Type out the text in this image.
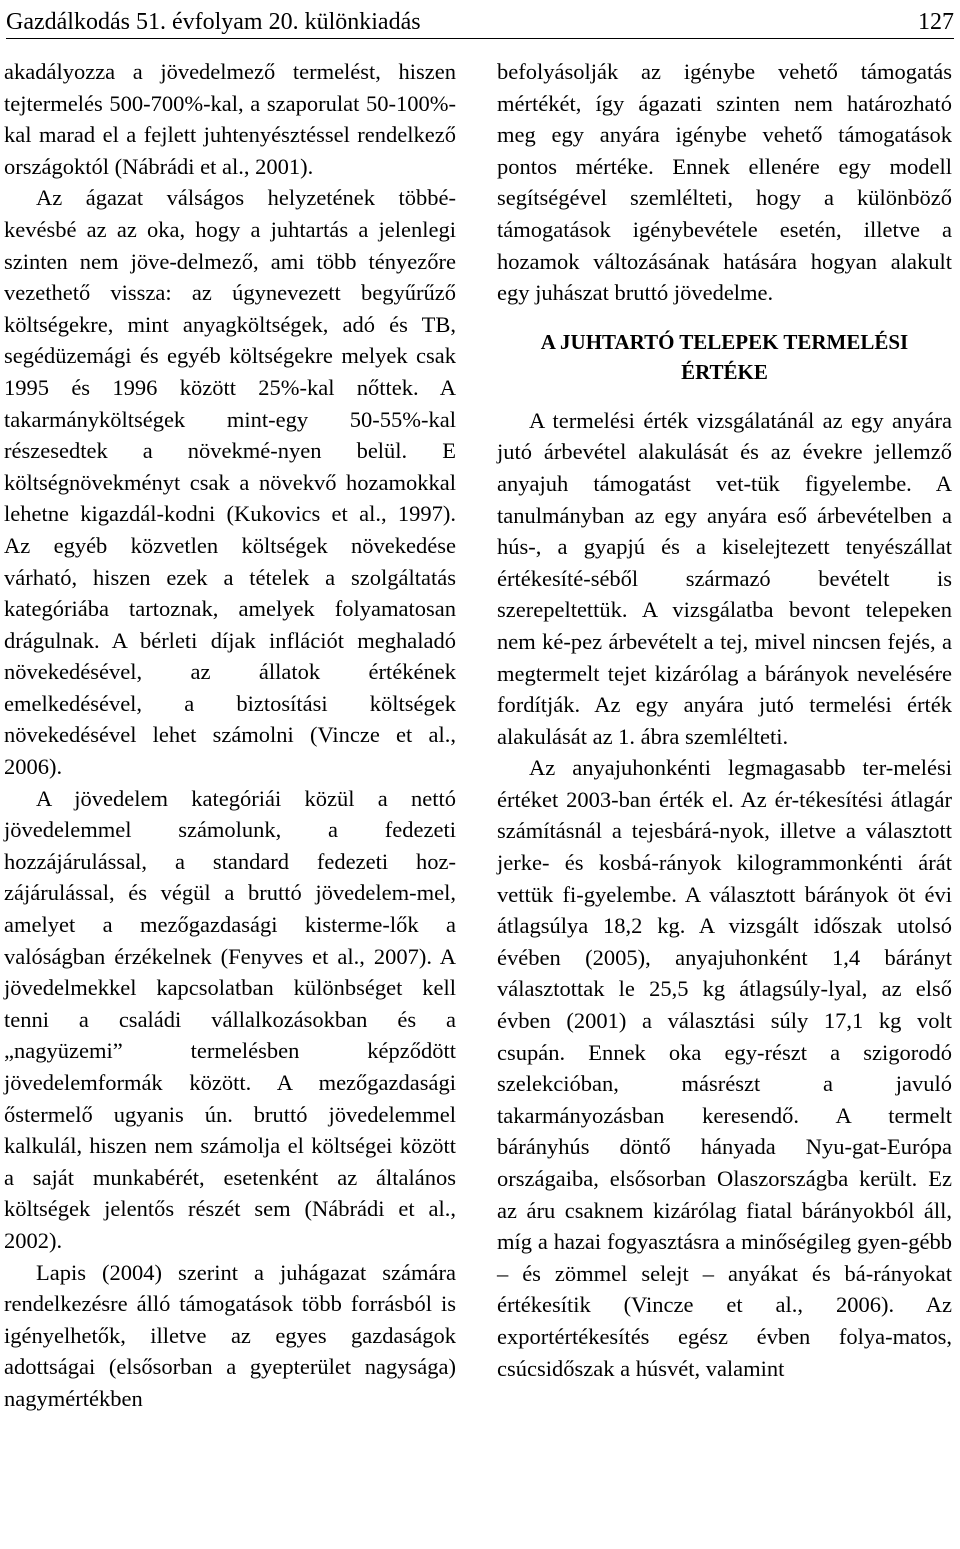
Gazdálkodás 51. évfolyam 20. különkiadás	127

akadályozza a jövedelmező termelést, hiszen tejtermelés 500-700%-kal, a szaporulat 50-100%-kal marad el a fejlett juhtenyésztéssel rendelkező országoktól (Nábrádi et al., 2001).

Az ágazat válságos helyzetének többé-kevésbé az az oka, hogy a juhtartás a jelenlegi szinten nem jöve-delmező, ami több tényezőre vezethető vissza: az úgynevezett begyűrűző költségekre, mint anyagköltségek, adó és TB, segédüzemági és egyéb költségekre melyek csak 1995 és 1996 között 25%-kal nőttek. A takarmányköltségek mint-egy 50-55%-kal részesedtek a növekmé-nyen belül. E költségnövekményt csak a növekvő hozamokkal lehetne kigazdál-kodni (Kukovics et al., 1997). Az egyéb közvetlen költségek növekedése várható, hiszen ezek a tételek a szolgáltatás kategóriába tartoznak, amelyek folyamatosan drágulnak. A bérleti díjak inflációt meghaladó növekedésével, az állatok értékének emelkedésével, a biztosítási költségek növekedésével lehet számolni (Vincze et al., 2006).

A jövedelem kategóriái közül a nettó jövedelemmel számolunk, a fedezeti hozzájárulással, a standard fedezeti hoz-zájárulással, és végül a bruttó jövedelem-mel, amelyet a mezőgazdasági kisterme-lők a valóságban érzékelnek (Fenyves et al., 2007). A jövedelmekkel kapcsolatban különbséget kell tenni a családi vállalkozásokban és a „nagyüzemi” termelésben képződött jövedelemformák között. A mezőgazdasági őstermelő ugyanis ún. bruttó jövedelemmel kalkulál, hiszen nem számolja el költségei között a saját munkabérét, esetenként az általános költségek jelentős részét sem (Nábrádi et al., 2002).

Lapis (2004) szerint a juhágazat számára rendelkezésre álló támogatások több forrásból is igényelhetők, illetve az egyes gazdaságok adottságai (elsősorban a gyepterület nagysága) nagymértékben

befolyásolják az igénybe vehető támogatás mértékét, így ágazati szinten nem határozható meg egy anyára igénybe vehető támogatások pontos mértéke. Ennek ellenére egy modell segítségével szemlélteti, hogy a különböző támogatások igénybevétele esetén, illetve a hozamok változásának hatására hogyan alakult egy juhászat bruttó jövedelme.

A JUHTARTÓ TELEPEK TERMELÉSI ÉRTÉKE

A termelési érték vizsgálatánál az egy anyára jutó árbevétel alakulását és az évekre jellemző anyajuh támogatást vet-tük figyelembe. A tanulmányban az egy anyára eső árbevételben a hús-, a gyapjú és a kiselejtezett tenyészállat értékesíté-séből származó bevételt is szerepeltettük. A vizsgálatba bevont telepeken nem ké-pez árbevételt a tej, mivel nincsen fejés, a megtermelt tejet kizárólag a bárányok nevelésére fordítják. Az egy anyára jutó termelési érték alakulását az 1. ábra szemlélteti.

Az anyajuhonkénti legmagasabb ter-melési értéket 2003-ban érték el. Az ér-tékesítési átlagár számításnál a tejesbárá-nyok, illetve a választott jerke- és kosbá-rányok kilogrammonkénti árát vettük fi-gyelembe. A választott bárányok öt évi átlagsúlya 18,2 kg. A vizsgált időszak utolsó évében (2005), anyajuhonként 1,4 bárányt választottak le 25,5 kg átlagsúly-lyal, az első évben (2001) a választási súly 17,1 kg volt csupán. Ennek oka egy-részt a szigorodó szelekcióban, másrészt a javuló takarmányozásban keresendő. A termelt bárányhús döntő hányada Nyu-gat-Európa országaiba, elsősorban Olaszországba került. Ez az áru csaknem kizárólag fiatal bárányokból áll, míg a hazai fogyasztásra a minőségileg gyen-gébb – és zömmel selejt – anyákat és bá-rányokat értékesítik (Vincze et al., 2006). Az exportértékesítés egész évben folya-matos, csúcsidőszak a húsvét, valamint
